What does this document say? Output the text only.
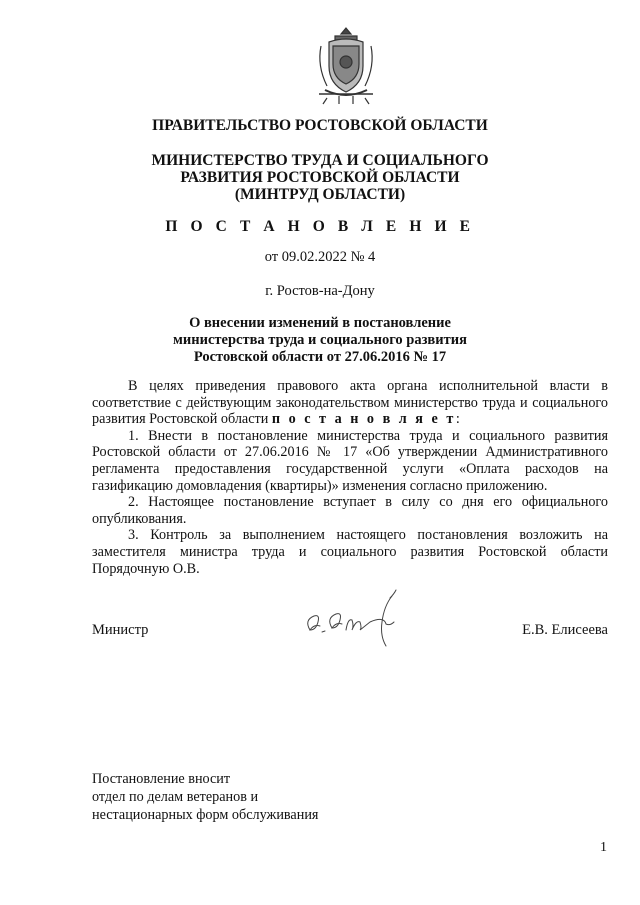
ПРАВИТЕЛЬСТВО РОСТОВСКОЙ ОБЛАСТИ
МИНИСТЕРСТВО ТРУДА И СОЦИАЛЬНОГО
РАЗВИТИЯ РОСТОВСКОЙ ОБЛАСТИ
(МИНТРУД ОБЛАСТИ)
П О С Т А Н О В Л Е Н И Е
от 09.02.2022 № 4
г. Ростов-на-Дону
О внесении изменений в постановление
министерства труда и социального развития
Ростовской области от 27.06.2016 № 17

В целях приведения правового акта органа исполнительной власти в соответствие с действующим законодательством министерство труда и социального развития Ростовской области п о с т а н о в л я е т:

1. Внести в постановление министерства труда и социального развития Ростовской области от 27.06.2016 № 17 «Об утверждении Административного регламента предоставления государственной услуги «Оплата расходов на газификацию домовладения (квартиры)» изменения согласно приложению.

2. Настоящее постановление вступает в силу со дня его официального опубликования.

3. Контроль за выполнением настоящего постановления возложить на заместителя министра труда и социального развития Ростовской области Порядочную О.В.

Министр	Е.В. Елисеева
Постановление вносит
отдел по делам ветеранов и
нестационарных форм обслуживания
1
